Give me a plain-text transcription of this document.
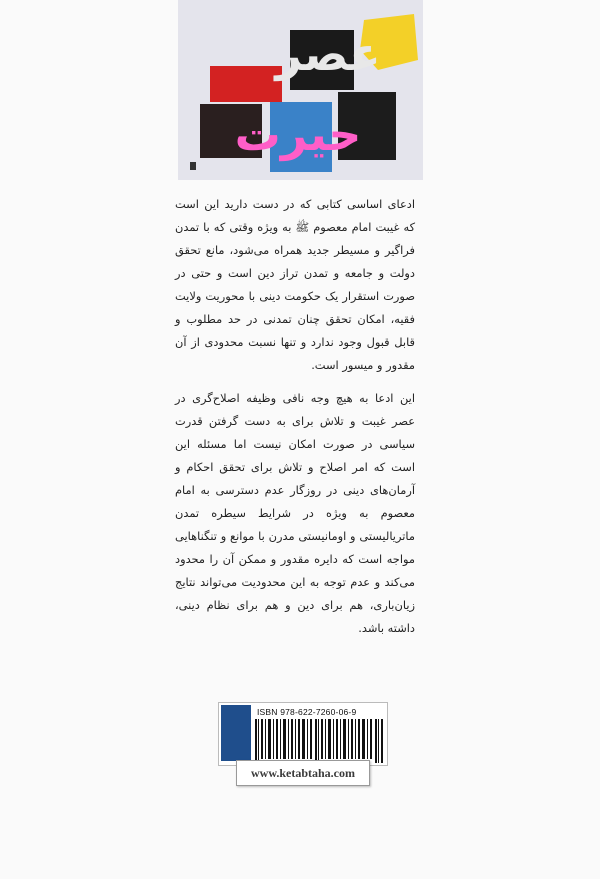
عصر
حیرت

ادعای اساسی کتابی که در دست دارید این است که غیبت امام معصوم ﷺ به ویژه وقتی که با تمدن فراگیر و مسیطر جدید همراه می‌شود، مانع تحقق دولت و جامعه و تمدن تراز دین است و حتی در صورت استقرار یک حکومت دینی با محوریت ولایت فقیه، امکان تحقق چنان تمدنی در حد مطلوب و قابل قبول وجود ندارد و تنها نسبت محدودی از آن مقدور و میسور است.

این ادعا به هیچ وجه نافی وظیفه اصلاح‌گری در عصر غیبت و تلاش برای به دست گرفتن قدرت سیاسی در صورت امکان نیست اما مسئله این است که امر اصلاح و تلاش برای تحقق احکام و آرمان‌های دینی در روزگار عدم دسترسی به امام معصوم به ویژه در شرایط سیطره تمدن ماتریالیستی و اومانیستی مدرن با موانع و تنگناهایی مواجه است که دایره مقدور و ممکن آن را محدود می‌کند و عدم توجه به این محدودیت می‌تواند نتایج زیان‌باری، هم برای دین و هم برای نظام دینی، داشته باشد.

ISBN 978-622-7260-06-9
www.ketabtaha.com
